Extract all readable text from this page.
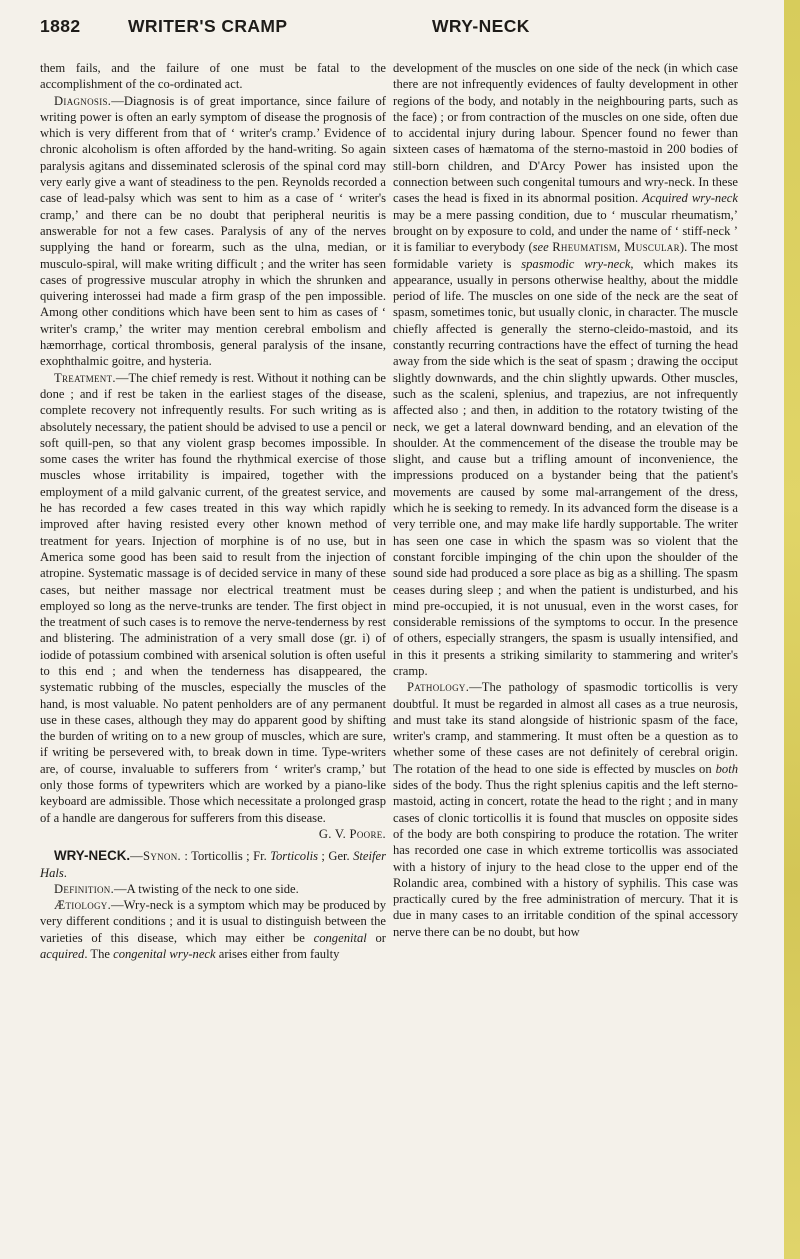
1882	WRITER'S CRAMP	WRY-NECK

them fails, and the failure of one must be fatal to the accomplishment of the co-ordinated act.

Diagnosis.—Diagnosis is of great importance, since failure of writing power is often an early symptom of disease the prognosis of which is very different from that of ‘ writer's cramp.’ Evidence of chronic alcoholism is often afforded by the hand-writing. So again paralysis agitans and disseminated sclerosis of the spinal cord may very early give a want of steadiness to the pen. Reynolds recorded a case of lead-palsy which was sent to him as a case of ‘ writer's cramp,’ and there can be no doubt that peripheral neuritis is answerable for not a few cases. Paralysis of any of the nerves supplying the hand or forearm, such as the ulna, median, or musculo-spiral, will make writing difficult ; and the writer has seen cases of progressive muscular atrophy in which the shrunken and quivering interossei had made a firm grasp of the pen impossible. Among other conditions which have been sent to him as cases of ‘ writer's cramp,’ the writer may mention cerebral embolism and hæmorrhage, cortical thrombosis, general paralysis of the insane, exophthalmic goitre, and hysteria.

Treatment.—The chief remedy is rest. Without it nothing can be done ; and if rest be taken in the earliest stages of the disease, complete recovery not infrequently results. For such writing as is absolutely necessary, the patient should be advised to use a pencil or soft quill-pen, so that any violent grasp becomes impossible. In some cases the writer has found the rhythmical exercise of those muscles whose irritability is impaired, together with the employment of a mild galvanic current, of the greatest service, and he has recorded a few cases treated in this way which rapidly improved after having resisted every other known method of treatment for years. Injection of morphine is of no use, but in America some good has been said to result from the injection of atropine. Systematic massage is of decided service in many of these cases, but neither massage nor electrical treatment must be employed so long as the nerve-trunks are tender. The first object in the treatment of such cases is to remove the nerve-tenderness by rest and blistering. The administration of a very small dose (gr. i) of iodide of potassium combined with arsenical solution is often useful to this end ; and when the tenderness has disappeared, the systematic rubbing of the muscles, especially the muscles of the hand, is most valuable. No patent penholders are of any permanent use in these cases, although they may do apparent good by shifting the burden of writing on to a new group of muscles, which are sure, if writing be persevered with, to break down in time. Type-writers are, of course, invaluable to sufferers from ‘ writer's cramp,’ but only those forms of typewriters which are worked by a piano-like keyboard are admissible. Those which necessitate a prolonged grasp of a handle are dangerous for sufferers from this disease.

G. V. Poore.

WRY-NECK.—Synon. : Torticollis ; Fr. Torticolis ; Ger. Steifer Hals.

Definition.—A twisting of the neck to one side.

Ætiology.—Wry-neck is a symptom which may be produced by very different conditions ; and it is usual to distinguish between the varieties of this disease, which may either be congenital or acquired. The congenital wry-neck arises either from faulty

development of the muscles on one side of the neck (in which case there are not infrequently evidences of faulty development in other regions of the body, and notably in the neighbouring parts, such as the face) ; or from contraction of the muscles on one side, often due to accidental injury during labour. Spencer found no fewer than sixteen cases of hæmatoma of the sterno-mastoid in 200 bodies of still-born children, and D'Arcy Power has insisted upon the connection between such congenital tumours and wry-neck. In these cases the head is fixed in its abnormal position. Acquired wry-neck may be a mere passing condition, due to ‘ muscular rheumatism,’ brought on by exposure to cold, and under the name of ‘ stiff-neck ’ it is familiar to everybody (see Rheumatism, Muscular). The most formidable variety is spasmodic wry-neck, which makes its appearance, usually in persons otherwise healthy, about the middle period of life. The muscles on one side of the neck are the seat of spasm, sometimes tonic, but usually clonic, in character. The muscle chiefly affected is generally the sterno-cleido-mastoid, and its constantly recurring contractions have the effect of turning the head away from the side which is the seat of spasm ; drawing the occiput slightly downwards, and the chin slightly upwards. Other muscles, such as the scaleni, splenius, and trapezius, are not infrequently affected also ; and then, in addition to the rotatory twisting of the neck, we get a lateral downward bending, and an elevation of the shoulder. At the commencement of the disease the trouble may be slight, and cause but a trifling amount of inconvenience, the impressions produced on a bystander being that the patient's movements are caused by some mal-arrangement of the dress, which he is seeking to remedy. In its advanced form the disease is a very terrible one, and may make life hardly supportable. The writer has seen one case in which the spasm was so violent that the constant forcible impinging of the chin upon the shoulder of the sound side had produced a sore place as big as a shilling. The spasm ceases during sleep ; and when the patient is undisturbed, and his mind pre-occupied, it is not unusual, even in the worst cases, for considerable remissions of the symptoms to occur. In the presence of others, especially strangers, the spasm is usually intensified, and in this it presents a striking similarity to stammering and writer's cramp.

Pathology.—The pathology of spasmodic torticollis is very doubtful. It must be regarded in almost all cases as a true neurosis, and must take its stand alongside of histrionic spasm of the face, writer's cramp, and stammering. It must often be a question as to whether some of these cases are not definitely of cerebral origin. The rotation of the head to one side is effected by muscles on both sides of the body. Thus the right splenius capitis and the left sterno-mastoid, acting in concert, rotate the head to the right ; and in many cases of clonic torticollis it is found that muscles on opposite sides of the body are both conspiring to produce the rotation. The writer has recorded one case in which extreme torticollis was associated with a history of injury to the head close to the upper end of the Rolandic area, combined with a history of syphilis. This case was practically cured by the free administration of mercury. That it is due in many cases to an irritable condition of the spinal accessory nerve there can be no doubt, but how
